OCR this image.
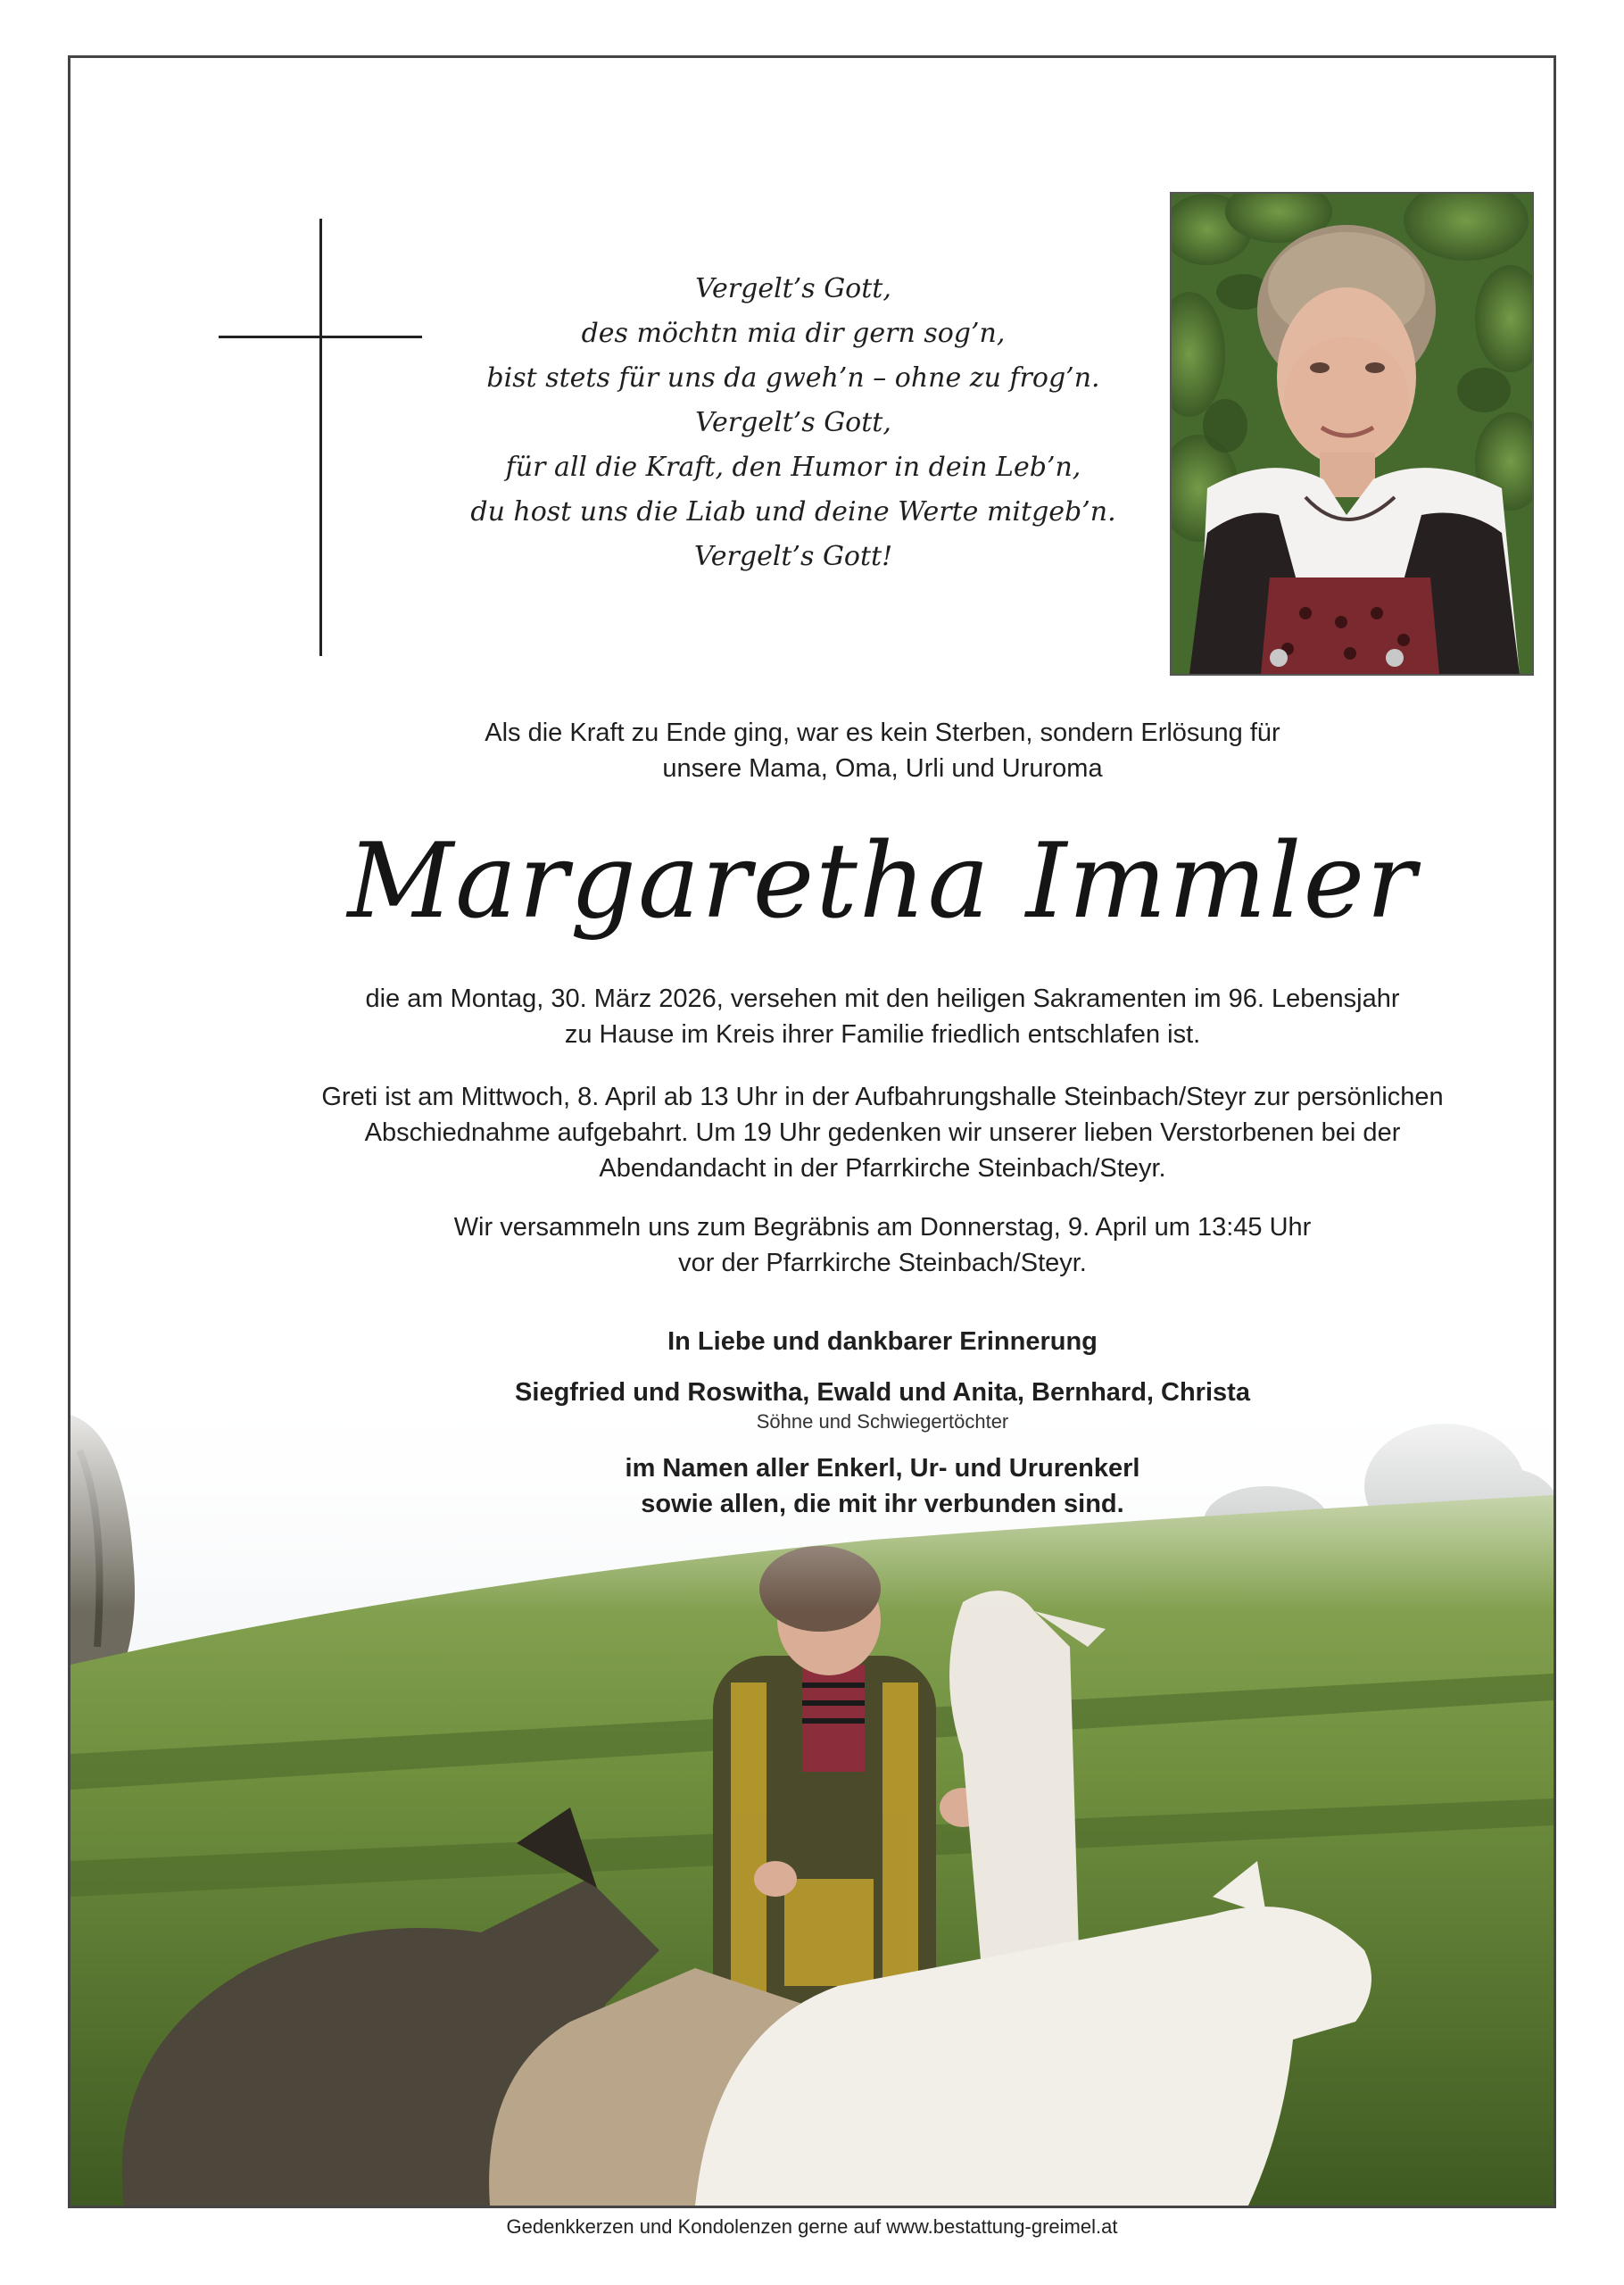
Vergelt’s Gott,
des möchtn mia dir gern sog’n,
bist stets für uns da gweh’n – ohne zu frog’n.
Vergelt’s Gott,
für all die Kraft, den Humor in dein Leb’n,
du host uns die Liab und deine Werte mitgeb’n.
Vergelt’s Gott!
Als die Kraft zu Ende ging, war es kein Sterben, sondern Erlösung für
unsere Mama, Oma, Urli und Ururoma
Margaretha Immler
die am Montag, 30. März 2026, versehen mit den heiligen Sakramenten im 96. Lebensjahr
zu Hause im Kreis ihrer Familie friedlich entschlafen ist.
Greti ist am Mittwoch, 8. April ab 13 Uhr in der Aufbahrungshalle Steinbach/Steyr zur persönlichen
Abschiednahme aufgebahrt. Um 19 Uhr gedenken wir unserer lieben Verstorbenen bei der
Abendandacht in der Pfarrkirche Steinbach/Steyr.
Wir versammeln uns zum Begräbnis am Donnerstag, 9. April um 13:45 Uhr
vor der Pfarrkirche Steinbach/Steyr.
In Liebe und dankbarer Erinnerung
Siegfried und Roswitha, Ewald und Anita, Bernhard, Christa
Söhne und Schwiegertöchter
im Namen aller Enkerl, Ur- und Ururenkerl
sowie allen, die mit ihr verbunden sind.
Gedenkkerzen und Kondolenzen gerne auf www.bestattung-greimel.at
